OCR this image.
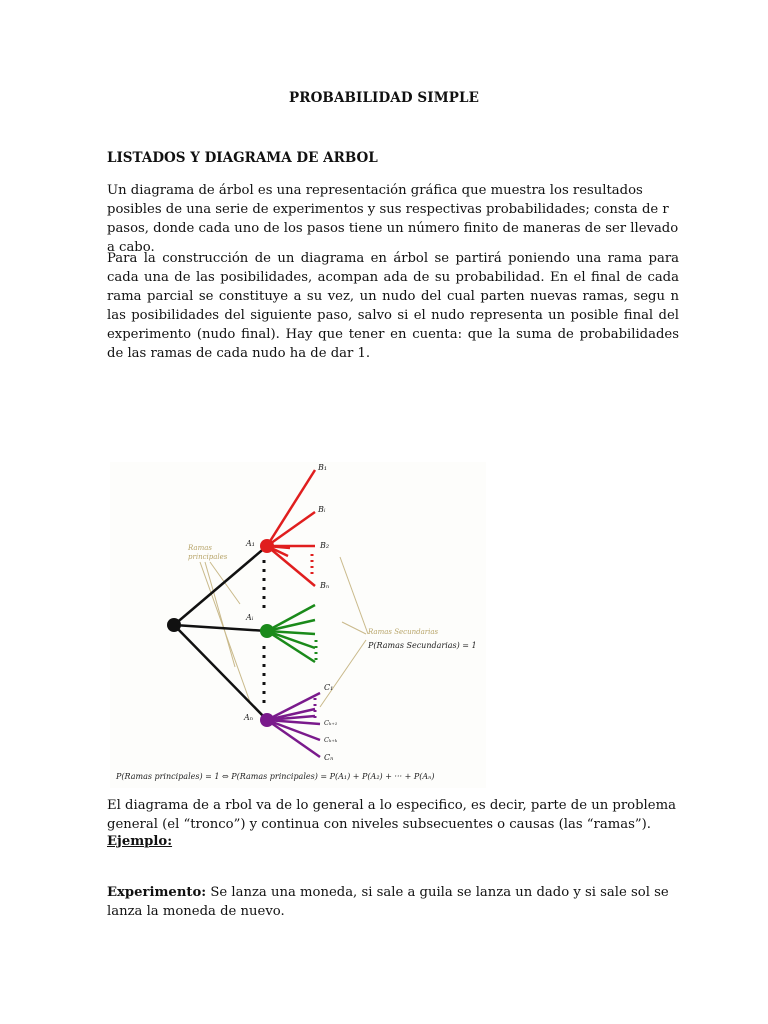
PROBABILIDAD SIMPLE
LISTADOS Y DIAGRAMA DE ARBOL
Un diagrama de árbol es una representación gráfica que muestra los resultados posibles de una serie de experimentos y sus respectivas probabilidades; consta de r pasos, donde cada uno de los pasos tiene un número finito de maneras de ser llevado a cabo.
Para la construcción de un diagrama en árbol se partirá poniendo una rama para cada una de las posibilidades, acompan ada de su probabilidad. En el final de cada rama parcial se constituye a su vez, un nudo del cual parten nuevas ramas, segu n las posibilidades del siguiente paso, salvo si el nudo representa un posible final del experimento (nudo final). Hay que tener en cuenta: que la suma de probabilidades de las ramas de cada nudo ha de dar 1.
Ramas principales
Ramas Secundarias
P(Ramas Secundarias) = 1
A₁
Aᵢ
Aₙ
B₁
Bᵢ
B₂
Bₙ
C₁
Cₖ₊₁
Cₖ₊ₖ
Cₙ
P(Ramas principales) = 1 ⇔ P(Ramas principales) = P(A₁) + P(A₂) + ··· + P(Aₙ)
El diagrama de a rbol va de lo general a lo especifico, es decir, parte de un problema general (el “tronco”) y continua con niveles subsecuentes o causas (las “ramas”).
Ejemplo:
Experimento: Se lanza una moneda, si sale a guila se lanza un dado y si sale sol se lanza la moneda de nuevo.
